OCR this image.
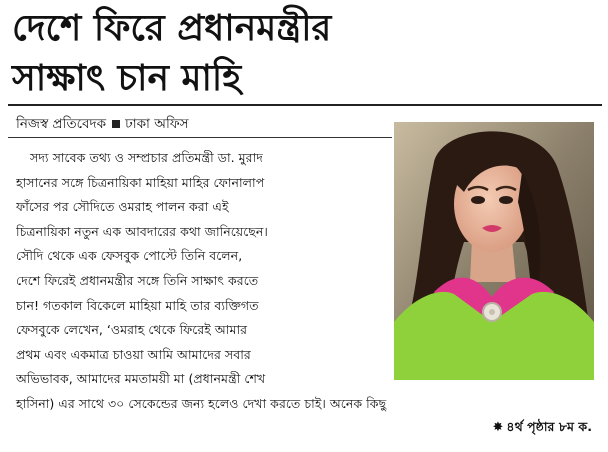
দেশে ফিরে প্রধানমন্ত্রীর
সাক্ষাৎ চান মাহি
নিজস্ব প্রতিবেদক ঢাকা অফিস
সদ্য সাবেক তথ্য ও সম্প্রচার প্রতিমন্ত্রী ডা. মুরাদ
হাসানের সঙ্গে চিত্রনায়িকা মাহিয়া মাহির ফোনালাপ
ফাঁসের পর সৌদিতে ওমরাহ পালন করা এই
চিত্রনায়িকা নতুন এক আবদারের কথা জানিয়েছেন।
সৌদি থেকে এক ফেসবুক পোস্টে তিনি বলেন,
দেশে ফিরেই প্রধানমন্ত্রীর সঙ্গে তিনি সাক্ষাৎ করতে
চান! গতকাল বিকেলে মাহিয়া মাহি তার ব্যক্তিগত
ফেসবুকে লেখেন, ‘ওমরাহ থেকে ফিরেই আমার
প্রথম এবং একমাত্র চাওয়া আমি আমাদের সবার
অভিভাবক, আমাদের মমতাময়ী মা (প্রধানমন্ত্রী শেখ
হাসিনা) এর সাথে ৩০ সেকেন্ডের জন্য হলেও দেখা করতে চাই। অনেক কিছু
✸ ৪র্থ পৃষ্ঠার ৮ম ক.
